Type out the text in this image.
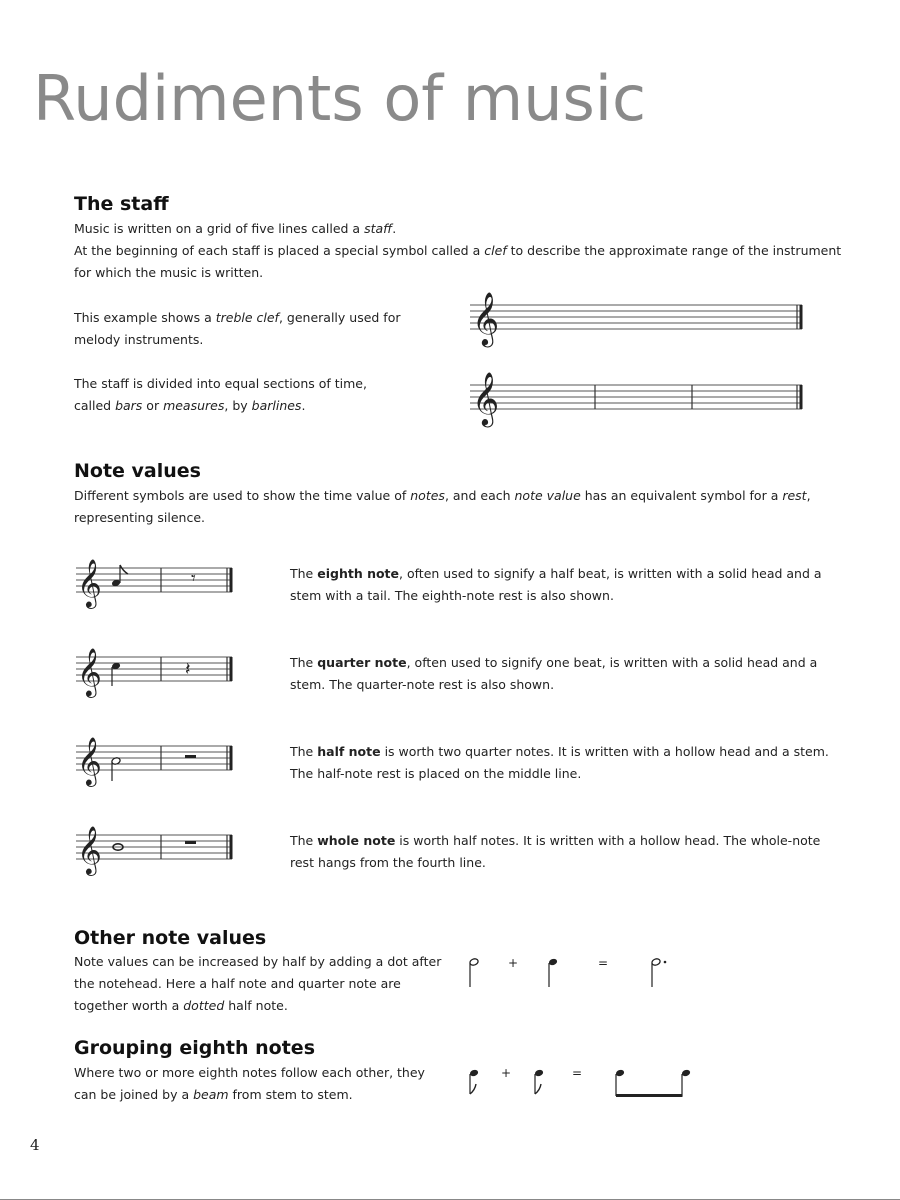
Rudiments of music
The staff
Music is written on a grid of five lines called a staff.
At the beginning of each staff is placed a special symbol called a clef to describe the approximate range of the instrument
for which the music is written.
This example shows a treble clef, generally used for
melody instruments.
The staff is divided into equal sections of time,
called bars or measures, by barlines.
𝄞
𝄞
Note values
Different symbols are used to show the time value of notes, and each note value has an equivalent symbol for a rest,
representing silence.
𝄞	𝄾	The eighth note, often used to signify a half beat, is written with a solid head and a
stem with a tail. The eighth-note rest is also shown.
𝄞	𝄽	The quarter note, often used to signify one beat, is written with a solid head and a
stem. The quarter-note rest is also shown.
𝄞	The half note is worth two quarter notes. It is written with a hollow head and a stem.
The half-note rest is placed on the middle line.
𝄞	The whole note is worth half notes. It is written with a hollow head. The whole-note
rest hangs from the fourth line.
Other note values
Note values can be increased by half by adding a dot after
the notehead. Here a half note and quarter note are
together worth a dotted half note.
+	=
Grouping eighth notes
Where two or more eighth notes follow each other, they
can be joined by a beam from stem to stem.
+	=
4
